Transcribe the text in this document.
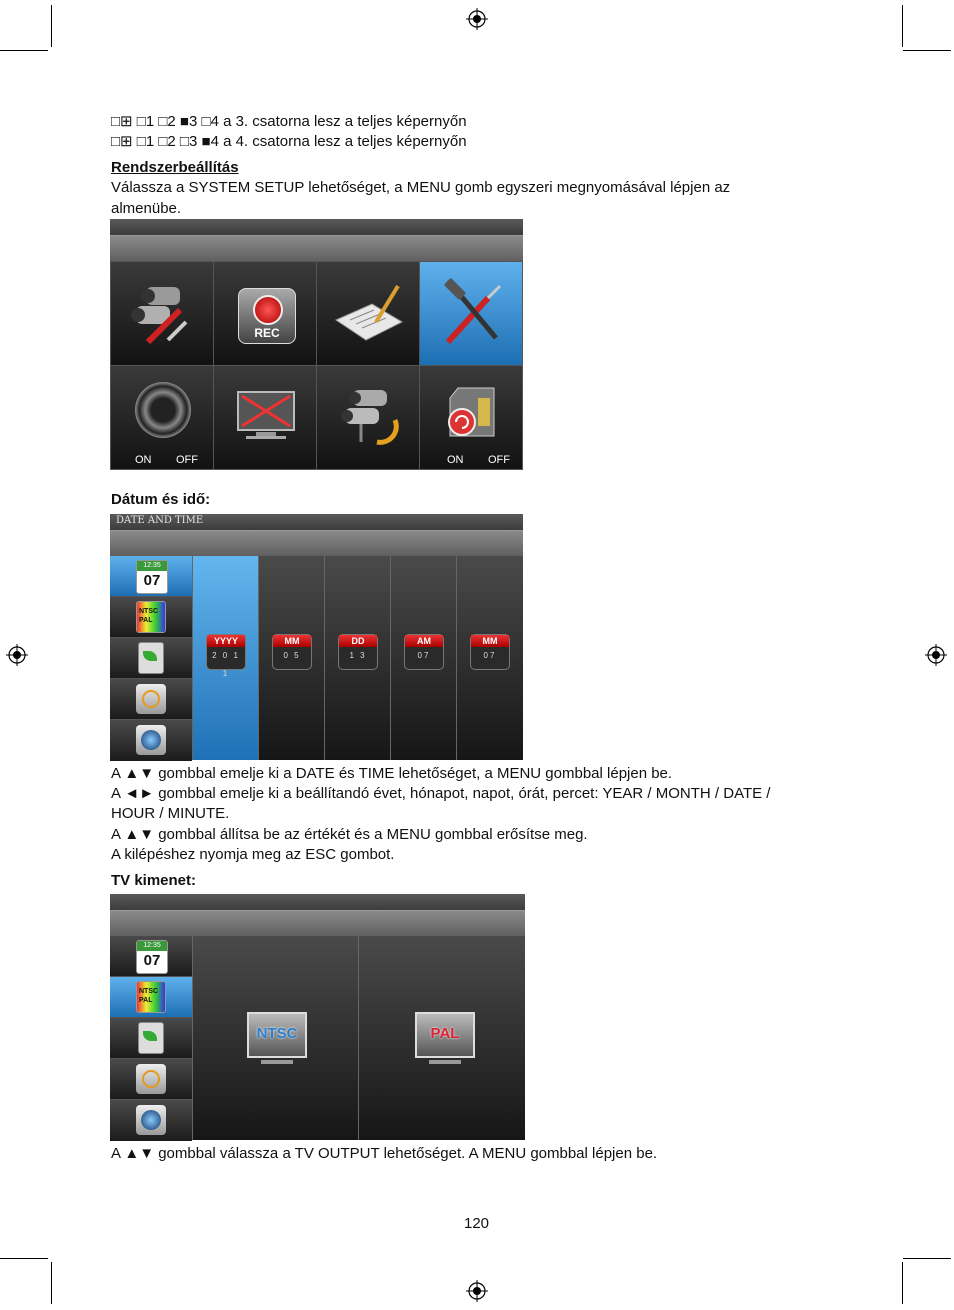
□⊞ □1 □2 ■3 □4 a 3. csatorna lesz a teljes képernyőn
□⊞ □1 □2 □3 ■4 a 4. csatorna lesz a teljes képernyőn
Rendszerbeállítás
Válassza a SYSTEM SETUP lehetőséget, a MENU gomb egyszeri megnyomásával lépjen az
almenübe.
REC
ON OFF	ON OFF
Dátum és idő:
DATE AND TIME
12:35
07
NTSC
PAL
YYYY
2 0 1 1
MM
0 5
DD
1 3
AM
07
MM
07
A ▲▼ gombbal emelje ki a DATE és TIME lehetőséget, a MENU gombbal lépjen be.
A ◄► gombbal emelje ki a beállítandó évet, hónapot, napot, órát, percet: YEAR / MONTH / DATE /
HOUR / MINUTE.
A ▲▼ gombbal állítsa be az értékét és a MENU gombbal erősítse meg.
A kilépéshez nyomja meg az ESC gombot.
TV kimenet:
12:35
07
NTSC
PAL
NTSC	PAL
A ▲▼ gombbal válassza a TV OUTPUT lehetőséget. A MENU gombbal lépjen be.
120
